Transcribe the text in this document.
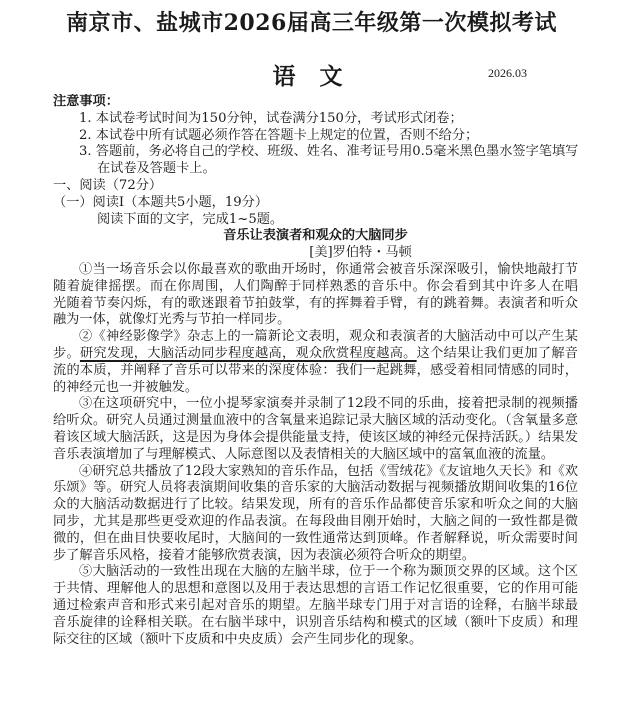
南京市、盐城市2026届高三年级第一次模拟考试
语 文	2026.03
注意事项：
1. 本试卷考试时间为150分钟，试卷满分150分，考试形式闭卷；
2. 本试卷中所有试题必须作答在答题卡上规定的位置，否则不给分；
3. 答题前，务必将自己的学校、班级、姓名、准考证号用0.5毫米黑色墨水签字笔填写
在试卷及答题卡上。
一、阅读（72分）
（一）阅读Ⅰ（本题共5小题，19分）
阅读下面的文字，完成1~5题。
音乐让表演者和观众的大脑同步
[美]罗伯特・马顿
①当一场音乐会以你最喜欢的歌曲开场时，你通常会被音乐深深吸引，愉快地敲打节
随着旋律摇摆。而在你周围，人们陶醉于同样熟悉的音乐中。你会看到其中许多人在唱
光随着节奏闪烁，有的歌迷跟着节拍鼓掌，有的挥舞着手臂，有的跳着舞。表演者和听众
融为一体，就像灯光秀与节拍一样同步。
②《神经影像学》杂志上的一篇新论文表明，观众和表演者的大脑活动中可以产生某
步。研究发现，大脑活动同步程度越高，观众欣赏程度越高。这个结果让我们更加了解音
流的本质，并阐释了音乐可以带来的深度体验：我们一起跳舞，感受着相同情感的同时，
的神经元也一并被触发。
③在这项研究中，一位小提琴家演奏并录制了12段不同的乐曲，接着把录制的视频播
给听众。研究人员通过测量血液中的含氧量来追踪记录大脑区域的活动变化。（含氧量多意
着该区域大脑活跃，这是因为身体会提供能量支持，使该区域的神经元保持活跃。）结果发
音乐表演增加了与理解模式、人际意图以及表情相关的大脑区域中的富氧血液的流量。
④研究总共播放了12段大家熟知的音乐作品，包括《雪绒花》《友谊地久天长》和《欢
乐颂》等。研究人员将表演期间收集的音乐家的大脑活动数据与视频播放期间收集的16位
众的大脑活动数据进行了比较。结果发现，所有的音乐作品都使音乐家和听众之间的大脑
同步，尤其是那些更受欢迎的作品表演。在每段曲目刚开始时，大脑之间的一致性都是微
微的，但在曲目快要收尾时，大脑间的一致性通常达到顶峰。作者解释说，听众需要时间
步了解音乐风格，接着才能够欣赏表演，因为表演必须符合听众的期望。
⑤大脑活动的一致性出现在大脑的左脑半球，位于一个称为颞顶交界的区域。这个区
于共情、理解他人的思想和意图以及用于表达思想的言语工作记忆很重要，它的作用可能
通过检索声音和形式来引起对音乐的期望。左脑半球专门用于对言语的诠释，右脑半球最
音乐旋律的诠释相关联。在右脑半球中，识别音乐结构和模式的区域（额叶下皮质）和理
际交往的区域（额叶下皮质和中央皮质）会产生同步化的现象。
